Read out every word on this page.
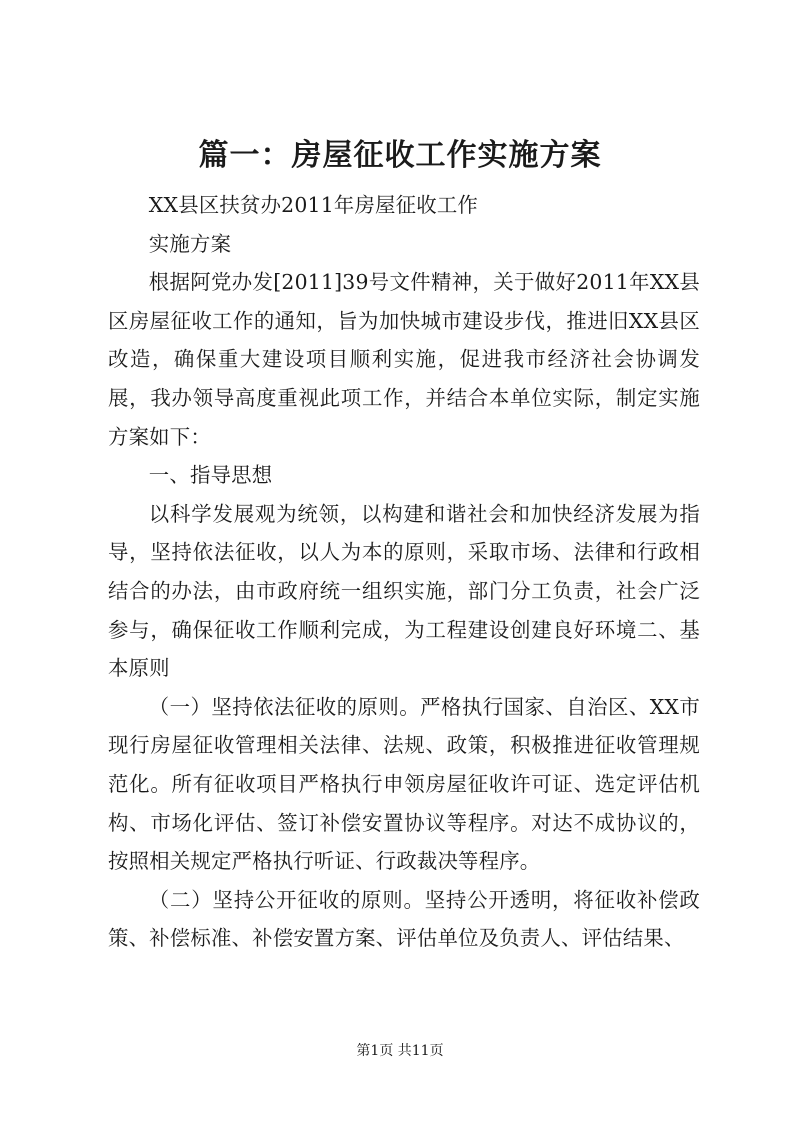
篇一：房屋征收工作实施方案

XX县区扶贫办2011年房屋征收工作

实施方案

根据阿党办发[2011]39号文件精神，关于做好2011年XX县区房屋征收工作的通知，旨为加快城市建设步伐，推进旧XX县区改造，确保重大建设项目顺利实施，促进我市经济社会协调发展，我办领导高度重视此项工作，并结合本单位实际，制定实施方案如下：

一、指导思想

以科学发展观为统领，以构建和谐社会和加快经济发展为指导，坚持依法征收，以人为本的原则，采取市场、法律和行政相结合的办法，由市政府统一组织实施，部门分工负责，社会广泛参与，确保征收工作顺利完成，为工程建设创建良好环境二、基本原则

（一）坚持依法征收的原则。严格执行国家、自治区、XX市现行房屋征收管理相关法律、法规、政策，积极推进征收管理规范化。所有征收项目严格执行申领房屋征收许可证、选定评估机构、市场化评估、签订补偿安置协议等程序。对达不成协议的，按照相关规定严格执行听证、行政裁决等程序。

（二）坚持公开征收的原则。坚持公开透明，将征收补偿政策、补偿标准、补偿安置方案、评估单位及负责人、评估结果、

第1页 共11页
